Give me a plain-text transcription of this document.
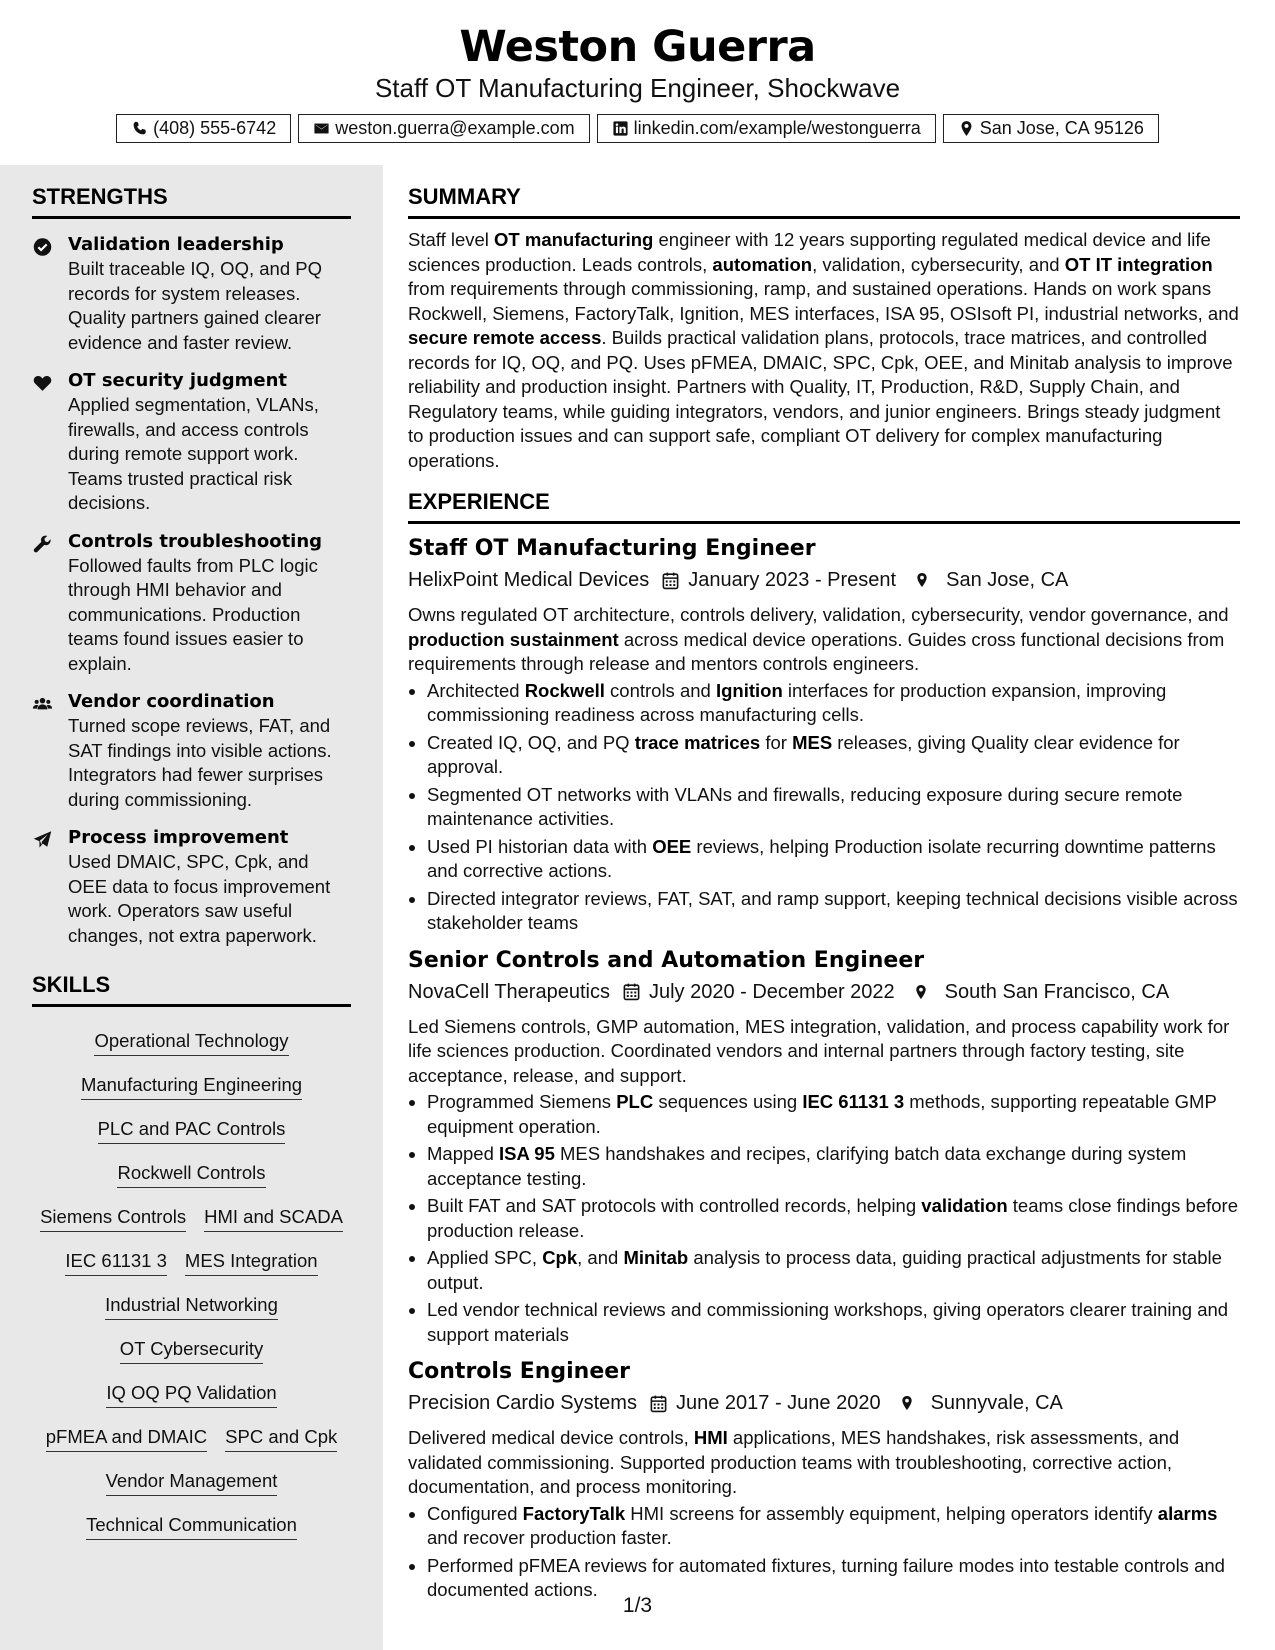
Weston Guerra
Staff OT Manufacturing Engineer, Shockwave
(408) 555-6742	weston.guerra@example.com	linkedin.com/example/westonguerra	San Jose, CA 95126
STRENGTHS
Validation leadership
Built traceable IQ, OQ, and PQ records for system releases. Quality partners gained clearer evidence and faster review.
OT security judgment
Applied segmentation, VLANs, firewalls, and access controls during remote support work. Teams trusted practical risk decisions.
Controls troubleshooting
Followed faults from PLC logic through HMI behavior and communications. Production teams found issues easier to explain.
Vendor coordination
Turned scope reviews, FAT, and SAT findings into visible actions. Integrators had fewer surprises during commissioning.
Process improvement
Used DMAIC, SPC, Cpk, and OEE data to focus improvement work. Operators saw useful changes, not extra paperwork.
SKILLS
Operational Technology
Manufacturing Engineering
PLC and PAC Controls
Rockwell Controls
Siemens Controls HMI and SCADA
IEC 61131 3 MES Integration
Industrial Networking
OT Cybersecurity
IQ OQ PQ Validation
pFMEA and DMAIC SPC and Cpk
Vendor Management
Technical Communication
SUMMARY

Staff level OT manufacturing engineer with 12 years supporting regulated medical device and life sciences production. Leads controls, automation, validation, cybersecurity, and OT IT integration from requirements through commissioning, ramp, and sustained operations. Hands on work spans Rockwell, Siemens, FactoryTalk, Ignition, MES interfaces, ISA 95, OSIsoft PI, industrial networks, and secure remote access. Builds practical validation plans, protocols, trace matrices, and controlled records for IQ, OQ, and PQ. Uses pFMEA, DMAIC, SPC, Cpk, OEE, and Minitab analysis to improve reliability and production insight. Partners with Quality, IT, Production, R&D, Supply Chain, and Regulatory teams, while guiding integrators, vendors, and junior engineers. Brings steady judgment to production issues and can support safe, compliant OT delivery for complex manufacturing operations.

EXPERIENCE
Staff OT Manufacturing Engineer
HelixPoint Medical Devices January 2023 - Present	San Jose, CA

Owns regulated OT architecture, controls delivery, validation, cybersecurity, vendor governance, and production sustainment across medical device operations. Guides cross functional decisions from requirements through release and mentors controls engineers.

• Architected Rockwell controls and Ignition interfaces for production expansion, improving commissioning readiness across manufacturing cells.
• Created IQ, OQ, and PQ trace matrices for MES releases, giving Quality clear evidence for approval.
• Segmented OT networks with VLANs and firewalls, reducing exposure during secure remote maintenance activities.
• Used PI historian data with OEE reviews, helping Production isolate recurring downtime patterns and corrective actions.
• Directed integrator reviews, FAT, SAT, and ramp support, keeping technical decisions visible across stakeholder teams
Senior Controls and Automation Engineer
NovaCell Therapeutics July 2020 - December 2022	South San Francisco, CA

Led Siemens controls, GMP automation, MES integration, validation, and process capability work for life sciences production. Coordinated vendors and internal partners through factory testing, site acceptance, release, and support.

• Programmed Siemens PLC sequences using IEC 61131 3 methods, supporting repeatable GMP equipment operation.
• Mapped ISA 95 MES handshakes and recipes, clarifying batch data exchange during system acceptance testing.
• Built FAT and SAT protocols with controlled records, helping validation teams close findings before production release.
• Applied SPC, Cpk, and Minitab analysis to process data, guiding practical adjustments for stable output.
• Led vendor technical reviews and commissioning workshops, giving operators clearer training and support materials
Controls Engineer
Precision Cardio Systems June 2017 - June 2020	Sunnyvale, CA

Delivered medical device controls, HMI applications, MES handshakes, risk assessments, and validated commissioning. Supported production teams with troubleshooting, corrective action, documentation, and process monitoring.

• Configured FactoryTalk HMI screens for assembly equipment, helping operators identify alarms and recover production faster.
• Performed pFMEA reviews for automated fixtures, turning failure modes into testable controls and documented actions.
1/3
